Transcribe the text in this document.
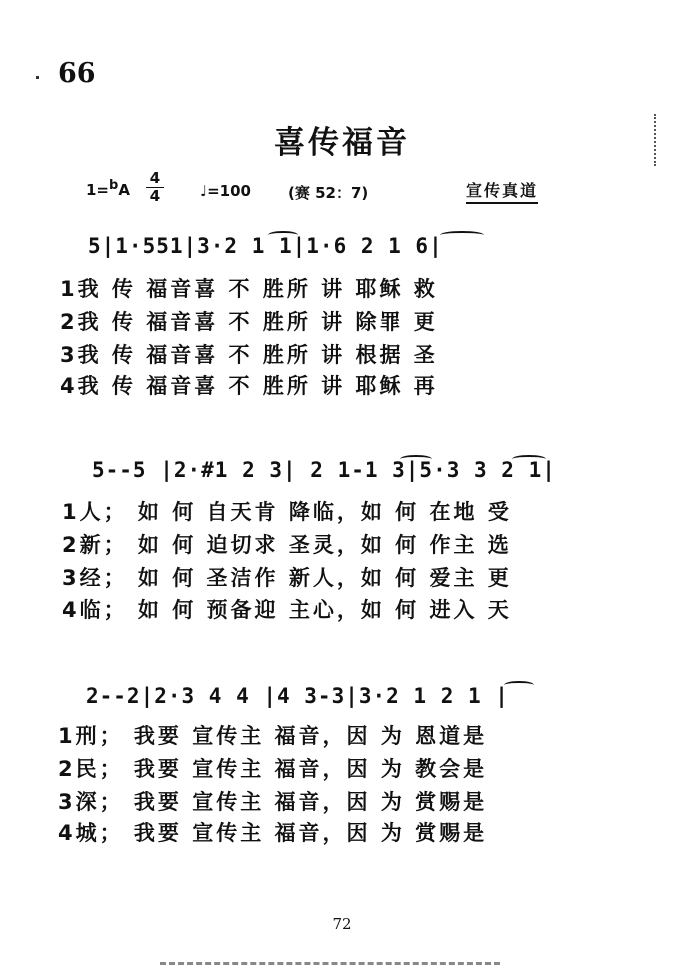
66
喜传福音
1=bA
4
4	♩=100 (赛 52：7)	宣传真道
5|1·551|3·2 1 1|1·6 2 1 6|
1我 传 福音喜 不 胜所 讲 耶稣 救
2我 传 福音喜 不 胜所 讲 除罪 更
3我 传 福音喜 不 胜所 讲 根据 圣
4我 传 福音喜 不 胜所 讲 耶稣 再
5--5 |2·#1 2 3| 2 1-1 3|5·3 3 2 1|
1人； 如 何 自天肯 降临，如 何 在地 受
2新； 如 何 迫切求 圣灵，如 何 作主 选
3经； 如 何 圣洁作 新人，如 何 爱主 更
4临； 如 何 预备迎 主心，如 何 进入 天
2--2|2·3 4 4 |4 3-3|3·2 1 2 1 |
1刑； 我要 宣传主 福音，因 为 恩道是
2民； 我要 宣传主 福音，因 为 教会是
3深； 我要 宣传主 福音，因 为 赏赐是
4城； 我要 宣传主 福音，因 为 赏赐是
72
